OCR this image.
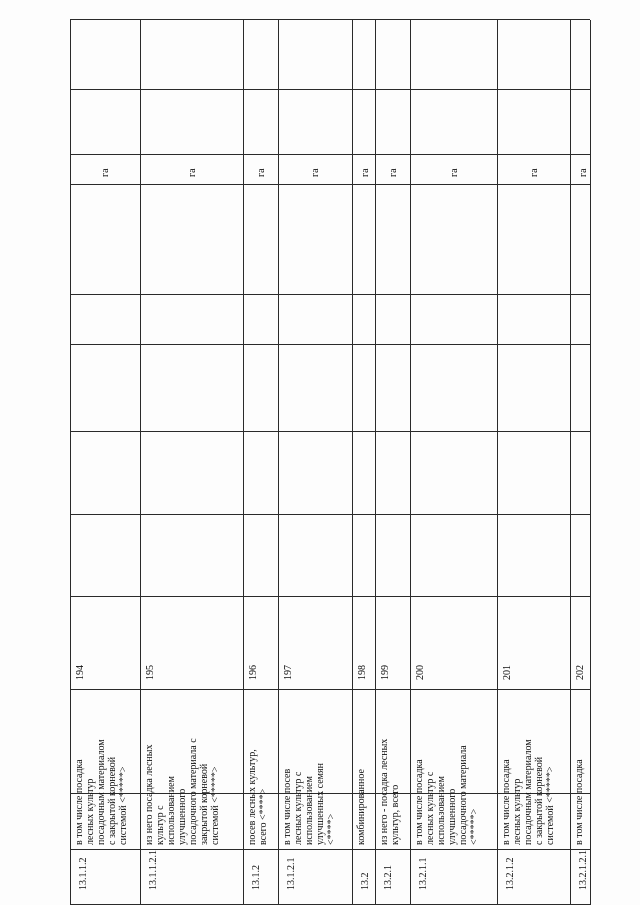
13.1.1.2
в том числе посадка
лесных культур
посадочным материалом
с закрытой корневой
системой <*****>
194
га
13.1.1.2.1
из него посадка лесных
культур с
использованием
улучшенного
посадочного материала с
закрытой корневой
системой <*****>
195
га
13.1.2
посев лесных культур,
всего <****>
196
га
13.1.2.1
в том числе посев
лесных культур с
использованием
улучшенных семян
<****>
197
га
13.2
комбинированное
198
га
13.2.1
из него - посадка лесных
культур, всего
199
га
13.2.1.1
в том числе посадка
лесных культур с
использованием
улучшенного
посадочного материала
<*****>
200
га
13.2.1.2
в том числе посадка
лесных культур
посадочным материалом
с закрытой корневой
системой <*****>
201
га
13.2.1.2.1
в том числе посадка
202
га
